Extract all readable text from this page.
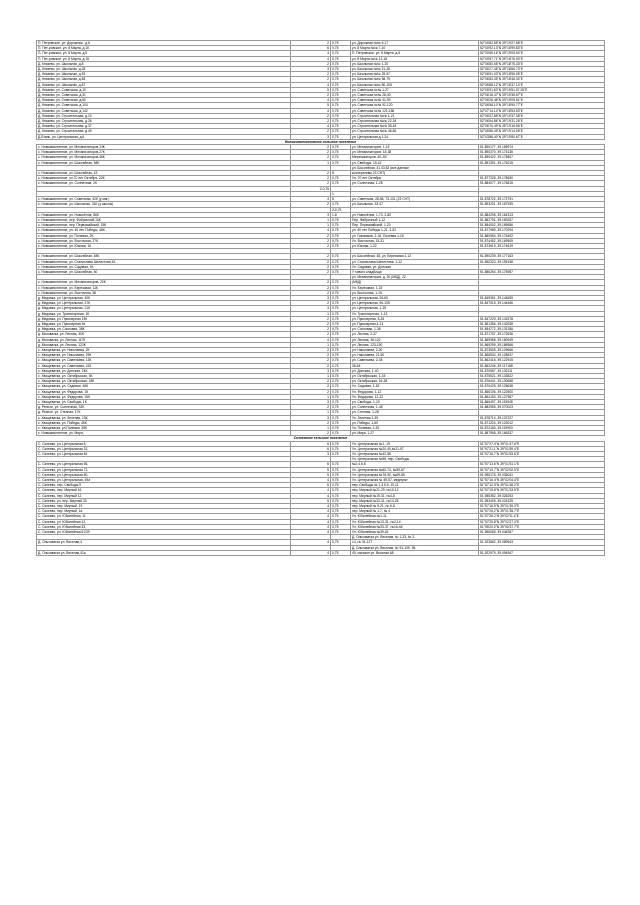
П. Петровское, ул. Дорожная , д.6	2	0,75	ул. Дорожная №№ 6-17	52°00'82.55"N 39°19'27.58"E
П. Пет-ровское, ул. 8 Марта, д.10	6	0,75	ул. 8 Марта №№ 7-10	52°00'92.13"N 39°18'99.83"E
П. Пет-ровское, ул. 8 Марта, д.5	4	0,75	П. Петровское, ул. 8 Марта, д.5	52°00'69.16"N 39°19'05.94"E
П. Пет-ровское, ул. 8 Марта, д.15	4	0,75	ул. 8 Марта №№ 12-18	52°00'57.71"N 39°18'76.93"E
Д. Князево, ул. Школьная, д.8	2	0,75	ул. Школьная №№ 1-20	52°06'80.65"N 39°18'75.43"E
Д. Князево, ул. Школьная, д.28	3	0,75	ул. Школьная №№ 21-28	52°06'27.45"N 39°18'66.73"E
Д. Князево, ул. Школьная, д.53	2	0,75	ул. Школьная №№ 29-57	52°06'51.03"N 39°18'55.05"E
Д. Князево, ул. Школьная, д.58	2	0,75	ул. Школьная №№ 58-79	52°06'83.35"N 39°18'48.34"E
Д. Князево, ул. Школьная, д.87	4	0,75	ул. Школьная №№ 80-105	52°06'88.12"N 39°18'37.14"E
Д. Князево, ул. Советская, д.10	5	0,75	ул. Советская №№ 1-27	52°05'91.63"N 39°19'51.57.26"E
Д. Князево, ул. Советская, д.31	2	0,75	ул. Советская №№ 28-40	52°06'16.47"N 39°19'36.57"E
Д. Князево, ул. Советская, д.60	4	0,75	ул. Советская №№ 41-90	52°06'26.46"N 39°19'05.51"E
Д. Князево, ул. Советская, д.104	5	0,75	ул. Советская №№ 91-120	52°06'58.10"N 39°18'90.77"E
Д. Князево, ул. Советская, д.142	4	0,75	ул. Советская №№ 121-156	52°07'14.14"N 39°18'53.53"E
Д. Князево, ул. Строительная, д.10	2	0,75	ул. Строительная №№ 1-21	52°06'37.85"N 39°19'37.38"E
Д. Князево, ул. Строительная, д.26	2	0,75	ул. Строительная №№ 22-34	52°06'54.86"N 39°19'31.26"E
Д. Князево, ул. Строительная, д.37	4	0,75	ул. Строительная №№ 35-45	52°06'70.49"N 39°19'16.56"E
Д. Князево, ул. Строительная, д.49	2	0,75	ул. Строительная №№ 46-56	52°06'86.45"N 39°19'14.06"E
Д.Езань, ул. Центральная, д.6	3	0,75	ул. Центральная д.1-24	52°03'86.40"N 39°19'80.67"E
Новоживотинновское сельское поселение				
с. Новоживотинное, ул. Механизаторов,13К	2	0,75	ул. Механизаторов, 1-15	51.890177, 39.169974
с. Новоживотинное, ул. Механизаторов,27К	2	0,75	ул. Механизаторов, 16-38	51.890370, 39.174136
с. Новоживотинное, ул. Механизаторов,46К	2	0,75	Механизаторов, 40–50	51.890422, 39.175807
с. Новоживотинное, ул. Шоссейная, 58К	1	0,75	ул. Свободы, 15-42	51.891391, 39.176215
			ул. Шоссейная, 41,43,52 (все данные	
с. Новоживотинное, ул. Шоссейная, 43	2	8	кооперативы 23 СНТ)	
с. Новоживотинное, ул.70 лет Октября, 22К	2	0,75	Ул. 70 лет Октября	51.877328, 39.178630
с. Новоживотинное, ул. Солнечная, 2К	2	0,75	ул. Солнечная, 1-28	51.884077, 39.176815
	3-0,75			
		1		
с. Новоживотинное, ул. Советская, 42К (у маг.)	4	8	ул. Советская, 28-56, 73-131 (23 СНТ)	51.878722, 39.172791
с. Новоживотинное, ул. Школьная, 31К (у школы)	2	0,75	ул. Школьная, 33-47	51.893201, 39.167939
		2-0,75		
с. Новоживотинное, ул. Новосёлов, 86К	3	1-8	ул. Новосёлов, 1-73, 2-80	51.884298, 39.164313
с. Новоживотинное, пер. Фабричный,10К	1	0,75	Пер. Фабричный 1-12	51.882791, 39.169257
с. Новоживотинное, пер. Первомайский, 15К	1	0,75	Пер. Первомайский, 1-20	51.884002, 39.165686
с. Новоживотинное, ул. 40 лет Победы, 48К	4	0,75	ул. 40 лет Победы 1-21; 2-52	51.877989, 39.170294
с. Новоживотинное, ул. Полевая, 2К	2	0,75	ул. Газовиков, 2-16, Полевая 1-15	51.880554, 39.176492
с. Новоживотинное, ул. Восточная, 27К	2	0,75	Ул. Восточная, 15-31	51.874452, 39.169505
с. Новоживотинное, ул. Южная, 1К	2	0,75	ул. Южная, 1-22	51.873619, 39.174619

с. Новоживотинное, ул. Шоссейная, 48К	2	0,75	ул. Шоссейная, 48, ул. Березовая 1-12	51.890239, 39.177163
с. Новоживотинное, ул. Станислава Шелестова,1К	2	0,75	ул. Станислава Шелестова, 1-12	51.890323, 39.195158
с. Новоживотинное, ул. Садовая, 1К	2	0,75	Ул. Садовая, ул. Донская	
с. Новоживотинное, ул. Шоссейная, 50	2	0,75	У нового кладбища	51.886264, 39.175987
			ул. Механизаторов, д. 20 (МКД), 22	
с. Новоживотинное, ул. Механизаторов, 20К	2	0,75	(МКД)	
с. Новоживотинное, ул. Березовая, 11К	2	0,75	Ул. Березовая, 1-15	
с. Новоживотинное, ул. Восточная, 5К	2	0,75	ул. Восточная, 1-15	
д. Медовка, ул. Центральная, 40К	3	0,75	ул. Центральная, 26-60	51.849361, 39.144659
д. Медовка, ул. Центральная, 47К	2	0,75	ул. Центральная, 50-105	51.847015, 39.144466
д. Медовка, ул. Центральная, 21К	3	0,75	ул. Центральная, 1-25	
д. Медовка, ул. Транспортная, 1К	1	0,75	Ул. Транспортная, 1-13	
д. Медовка, ул. Приозерная 19К	2	0,75	ул. Приозерная, 5-26	51.847229, 39.141578
д. Медовка, ул. Приозерная 4К	2	0,75	ул. Приозерная,4-11	51.851356, 39.142938
д. Медовка, ул. Сосновая, 36К	2	0,75	ул. Сосновая, 1-36	51.854772, 39.131356
д. Моховатка, ул. Лесная, 30К	2	0,75	ул. Лесная, 2-37	51.871757, 39.172636
д. Моховатка, ул. Лесная, 117К	4	0,75	ул. Лесная, 38-122	51.869988, 39.180949
д. Моховатка, ул. Лесная, 123К	1	0,75	ул. Лесная, 123-190	51.869259, 39.186566
с. Хвощеватка, ул. Николаева, 2К	2	0,75	ул. Николаева, 2-20	51.873505, 39.129666
с. Хвощеватка, ул. Николаева, 29К	2	0,75	ул. Николаева, 21-50	51.866534, 39.128537
с. Хвощеватка, ул. Савельева, 13К	2	0,75	ул. Савельева, 2-35	51.862416, 39.122915
с. Хвощеватка, ул. Савельева, 41К	2	0,75	36-64	51.862246, 39.117168
с. Хвощеватка, ул. Донская, 24К	3	0,75	ул. Донская, 1-40	51.870557, 39.132111
с. Хвощеватка, ул. Октябрьская, 3К	1	0,75	ул. Октябрьская, 1-15	51.875521, 39.133822
с. Хвощеватка, ул. Октябрьская, 18К	2	0,75	ул. Октябрьская, 16-38	51.876441, 39.130658
с. Хвощеватка, ул. Садовая, 46К	2	0,75	Ул. Садовая, 1-52	51.870425, 39.125638
с. Хвощеватка, ул. Федорова, 1К	2	0,75	Ул. Федорова, 1-12	51.866106, 39.122500
с. Хвощеватка, ул. Федорова, 15К	1	0,75	Ул. Федорова, 12-22	51.864153, 39.127987
с. Хвощеватка, ул. Свободы, 1К	3	0,75	ул. Свободы, 1-19	51.866497, 39.119545
д. Репное, ул. Солнечная, 32К	2	0,75	ул. Солнечная, 1-45	51.882555, 39.070023
д. Репное, ул. Степная, 17К	1	0,75	ул. Степная, 1-28	
с. Хвощеватка, ул. Зеленая, 13К	3	0,75	Ул. Зеленая 1-39	51.878714, 39.137227
с. Хвощеватка, ул. Победы, 46К	2	0,75	ул. Победы, 1-60	51.871224, 39.123012
с. Хвощеватка, ул.Полевая, 28К	1	0,75	Ул. Полевая, 1-52	51.872160, 39.119903
с. Новоживотинное, ул. Мира,	2	0,75	ул. Мира, 1-27	51.887958, 39.166337
Склеевское сельское поселение				
С. Склеево, ул. Центральная 8,	6	0,75	Ул. Центральная №1- 19	51°57'27.4"N 39°01'47.6"E
С. Склеево, ул. Центральная 32,	6	0,75	Ул. Центральная №20-40,№21-57	51°57'21.1"N 39°01'59.4"E
С. Склеево, ул. Центральная 46	3	0,75	Ул. Центральная №42-56	51°57'16.7"N 39°01'53.6"E
			Ул. Центральная №56, пер. Свободы	
С. Склеево, ул. Центральная 56,	6	0,75	№2,4,6,8	51°57'13.6"N 39°01'51.1"E
С. Склеево, ул. Центральная 72,	5	0,75	Ул. Центральная №60-74, №59-67	51°57'10.7"N 39°02'02.9"E
С. Склеево, ул. Центральная 80,	5	0,75	Ул. Центральная №76-90, №69-85	51.955175, 39.035041
С. Склеево, ул. Центральная, 49а	4	0,75	Ул. Центральная № 49-57, медпункт	51°57'16.4"N 39°02'04.4"E
С. Склеево, пер. Свободы,9	6	0,75	пер. Свободы № 1,3,5,9, 10,11	51°57'12.9"N 39°01'46.2"E
С. Склеево, пер. Мирный 16	4	0,75	пер. Мирный №21-29, №10-12	51°57'15.6"N 39°01'33.9"E
С. Склеево, пер. Мирный 12	4	0,75	пер. Мирный №19-31, №4-8	51.955352, 39.026253
С. Склеево, ул. пер. Мирный 30	5	0,75	пер. Мирный №33-41, №14-28	51.953409, 39.024325
С. Склеево, пер. Мирный, 19	4	0,75	пер. Мирный № 9-21, № 6-8	51°57'16.9"N 39°01'39.3"E
С. Склеево, пер. Мирный, 1а	4	0,75	пер. Мирный № 1-7, № 4	51°57'25.2"N 39°01'35.7"E
С. Склеево, ул. Юбилейная, 11	4	0,75	Ул. Юбилейная №1-11	51°57'28.2"N 39°02'11.4"E
С. Склеево, ул. Юбилейная 12,	4	0,75	Ул. Юбилейная №13-31, №2-14	51°57'25.8"N 39°02'27.0"E
С. Склеево, ул. Юбилейная 33,	4	0,75	Ул. Юбилейная №33-37, №16-46	51°55'20.2"N 39°05'37.7"E
С. Склеево, ул. Юбилейная 61/39	4	0,75	Ул. Юбилейная №39-61	51.956065, 39.046357
			Д. Ольховатка ул. Веселая, № 1-33, № 2-	
Д. Ольховатка ул. Веселая,4	4	0,75	14, № 91-127	51.923662, 39.089943
			Д. Ольховатка ул. Веселая, № 91-109, 35-	
Д. Ольховатка ул. Веселая,41а	4	0,75	49, магазин ул. Веселая 68	51.922979, 39.094947
